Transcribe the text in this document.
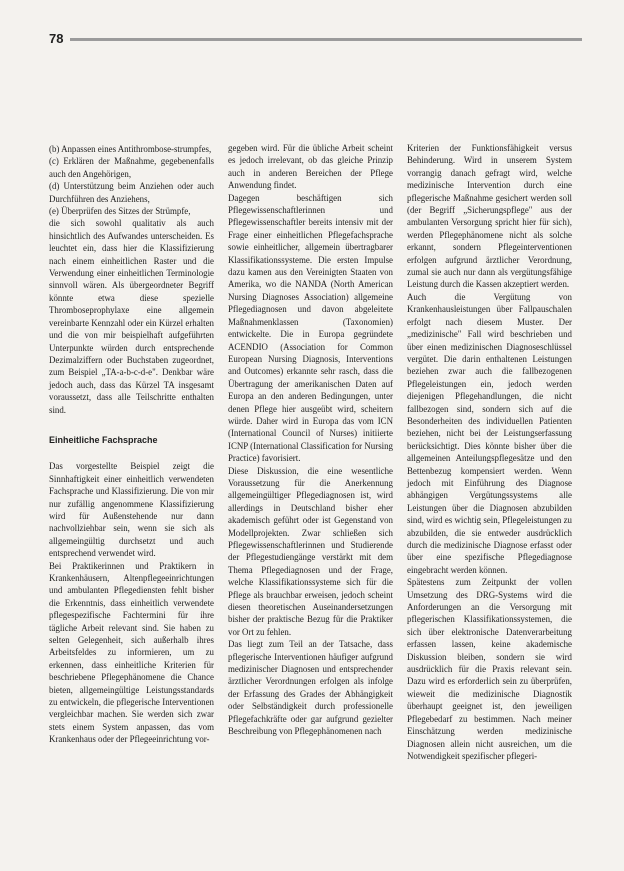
78

(b) Anpassen eines Antithrombose-strumpfes,

(c) Erklären der Maßnahme, gegebenenfalls auch den Angehörigen,

(d) Unterstützung beim Anziehen oder auch Durchführen des Anziehens,

(e) Überprüfen des Sitzes der Strümpfe,

die sich sowohl qualitativ als auch hinsichtlich des Aufwandes unterscheiden. Es leuchtet ein, dass hier die Klassifizierung nach einem einheitlichen Raster und die Verwendung einer einheitlichen Terminologie sinnvoll wären. Als übergeordneter Begriff könnte etwa diese spezielle Thromboseprophylaxe eine allgemein vereinbarte Kennzahl oder ein Kürzel erhalten und die von mir beispielhaft aufgeführten Unterpunkte würden durch entsprechende Dezimalziffern oder Buchstaben zugeordnet, zum Beispiel „TA-a-b-c-d-e". Denkbar wäre jedoch auch, dass das Kürzel TA insgesamt voraussetzt, dass alle Teilschritte enthalten sind.

Einheitliche Fachsprache

Das vorgestellte Beispiel zeigt die Sinnhaftigkeit einer einheitlich verwendeten Fachsprache und Klassifizierung. Die von mir nur zufällig angenommene Klassifizierung wird für Außenstehende nur dann nachvollziehbar sein, wenn sie sich als allgemeingültig durchsetzt und auch entsprechend verwendet wird.

Bei Praktikerinnen und Praktikern in Krankenhäusern, Altenpflegeeinrichtungen und ambulanten Pflegediensten fehlt bisher die Erkenntnis, dass einheitlich verwendete pflegespezifische Fachtermini für ihre tägliche Arbeit relevant sind. Sie haben zu selten Gelegenheit, sich außerhalb ihres Arbeitsfeldes zu informieren, um zu erkennen, dass einheitliche Kriterien für beschriebene Pflegephänomene die Chance bieten, allgemeingültige Leistungsstandards zu entwickeln, die pflegerische Interventionen vergleichbar machen. Sie werden sich zwar stets einem System anpassen, das vom Krankenhaus oder der Pflegeeinrichtung vor-

gegeben wird. Für die übliche Arbeit scheint es jedoch irrelevant, ob das gleiche Prinzip auch in anderen Bereichen der Pflege Anwendung findet.

Dagegen beschäftigen sich Pflegewissenschaftlerinnen und Pflegewissenschaftler bereits intensiv mit der Frage einer einheitlichen Pflegefachsprache sowie einheitlicher, allgemein übertragbarer Klassifikationssysteme. Die ersten Impulse dazu kamen aus den Vereinigten Staaten von Amerika, wo die NANDA (North American Nursing Diagnoses Association) allgemeine Pflegediagnosen und davon abgeleitete Maßnahmenklassen (Taxonomien) entwickelte. Die in Europa gegründete ACENDIO (Association for Common European Nursing Diagnosis, Interventions and Outcomes) erkannte sehr rasch, dass die Übertragung der amerikanischen Daten auf Europa an den anderen Bedingungen, unter denen Pflege hier ausgeübt wird, scheitern würde. Daher wird in Europa das vom ICN (International Council of Nurses) initiierte ICNP (International Classification for Nursing Practice) favorisiert.

Diese Diskussion, die eine wesentliche Voraussetzung für die Anerkennung allgemeingültiger Pflegediagnosen ist, wird allerdings in Deutschland bisher eher akademisch geführt oder ist Gegenstand von Modellprojekten. Zwar schließen sich Pflegewissenschaftlerinnen und Studierende der Pflegestudiengänge verstärkt mit dem Thema Pflegediagnosen und der Frage, welche Klassifikationssysteme sich für die Pflege als brauchbar erweisen, jedoch scheint diesen theoretischen Auseinandersetzungen bisher der praktische Bezug für die Praktiker vor Ort zu fehlen.

Das liegt zum Teil an der Tatsache, dass pflegerische Interventionen häufiger aufgrund medizinischer Diagnosen und entsprechender ärztlicher Verordnungen erfolgen als infolge der Erfassung des Grades der Abhängigkeit oder Selbständigkeit durch professionelle Pflegefachkräfte oder gar aufgrund gezielter Beschreibung von Pflegephänomenen nach

Kriterien der Funktionsfähigkeit versus Behinderung. Wird in unserem System vorrangig danach gefragt wird, welche medizinische Intervention durch eine pflegerische Maßnahme gesichert werden soll (der Begriff „Sicherungspflege" aus der ambulanten Versorgung spricht hier für sich), werden Pflegephänomene nicht als solche erkannt, sondern Pflegeinterventionen erfolgen aufgrund ärztlicher Verordnung, zumal sie auch nur dann als vergütungsfähige Leistung durch die Kassen akzeptiert werden.

Auch die Vergütung von Krankenhausleistungen über Fallpauschalen erfolgt nach diesem Muster. Der „medizinische" Fall wird beschrieben und über einen medizinischen Diagnoseschlüssel vergütet. Die darin enthaltenen Leistungen beziehen zwar auch die fallbezogenen Pflegeleistungen ein, jedoch werden diejenigen Pflegehandlungen, die nicht fallbezogen sind, sondern sich auf die Besonderheiten des individuellen Patienten beziehen, nicht bei der Leistungserfassung berücksichtigt. Dies könnte bisher über die allgemeinen Anteilungspflegesätze und den Bettenbezug kompensiert werden. Wenn jedoch mit Einführung des Diagnose abhängigen Vergütungssystems alle Leistungen über die Diagnosen abzubilden sind, wird es wichtig sein, Pflegeleistungen zu abzubilden, die sie entweder ausdrücklich durch die medizinische Diagnose erfasst oder über eine spezifische Pflegediagnose eingebracht werden können.

Spätestens zum Zeitpunkt der vollen Umsetzung des DRG-Systems wird die Anforderungen an die Versorgung mit pflegerischen Klassifikationssystemen, die sich über elektronische Datenverarbeitung erfassen lassen, keine akademische Diskussion bleiben, sondern sie wird ausdrücklich für die Praxis relevant sein. Dazu wird es erforderlich sein zu überprüfen, wieweit die medizinische Diagnostik überhaupt geeignet ist, den jeweiligen Pflegebedarf zu bestimmen. Nach meiner Einschätzung werden medizinische Diagnosen allein nicht ausreichen, um die Notwendigkeit spezifischer pflegeri-
